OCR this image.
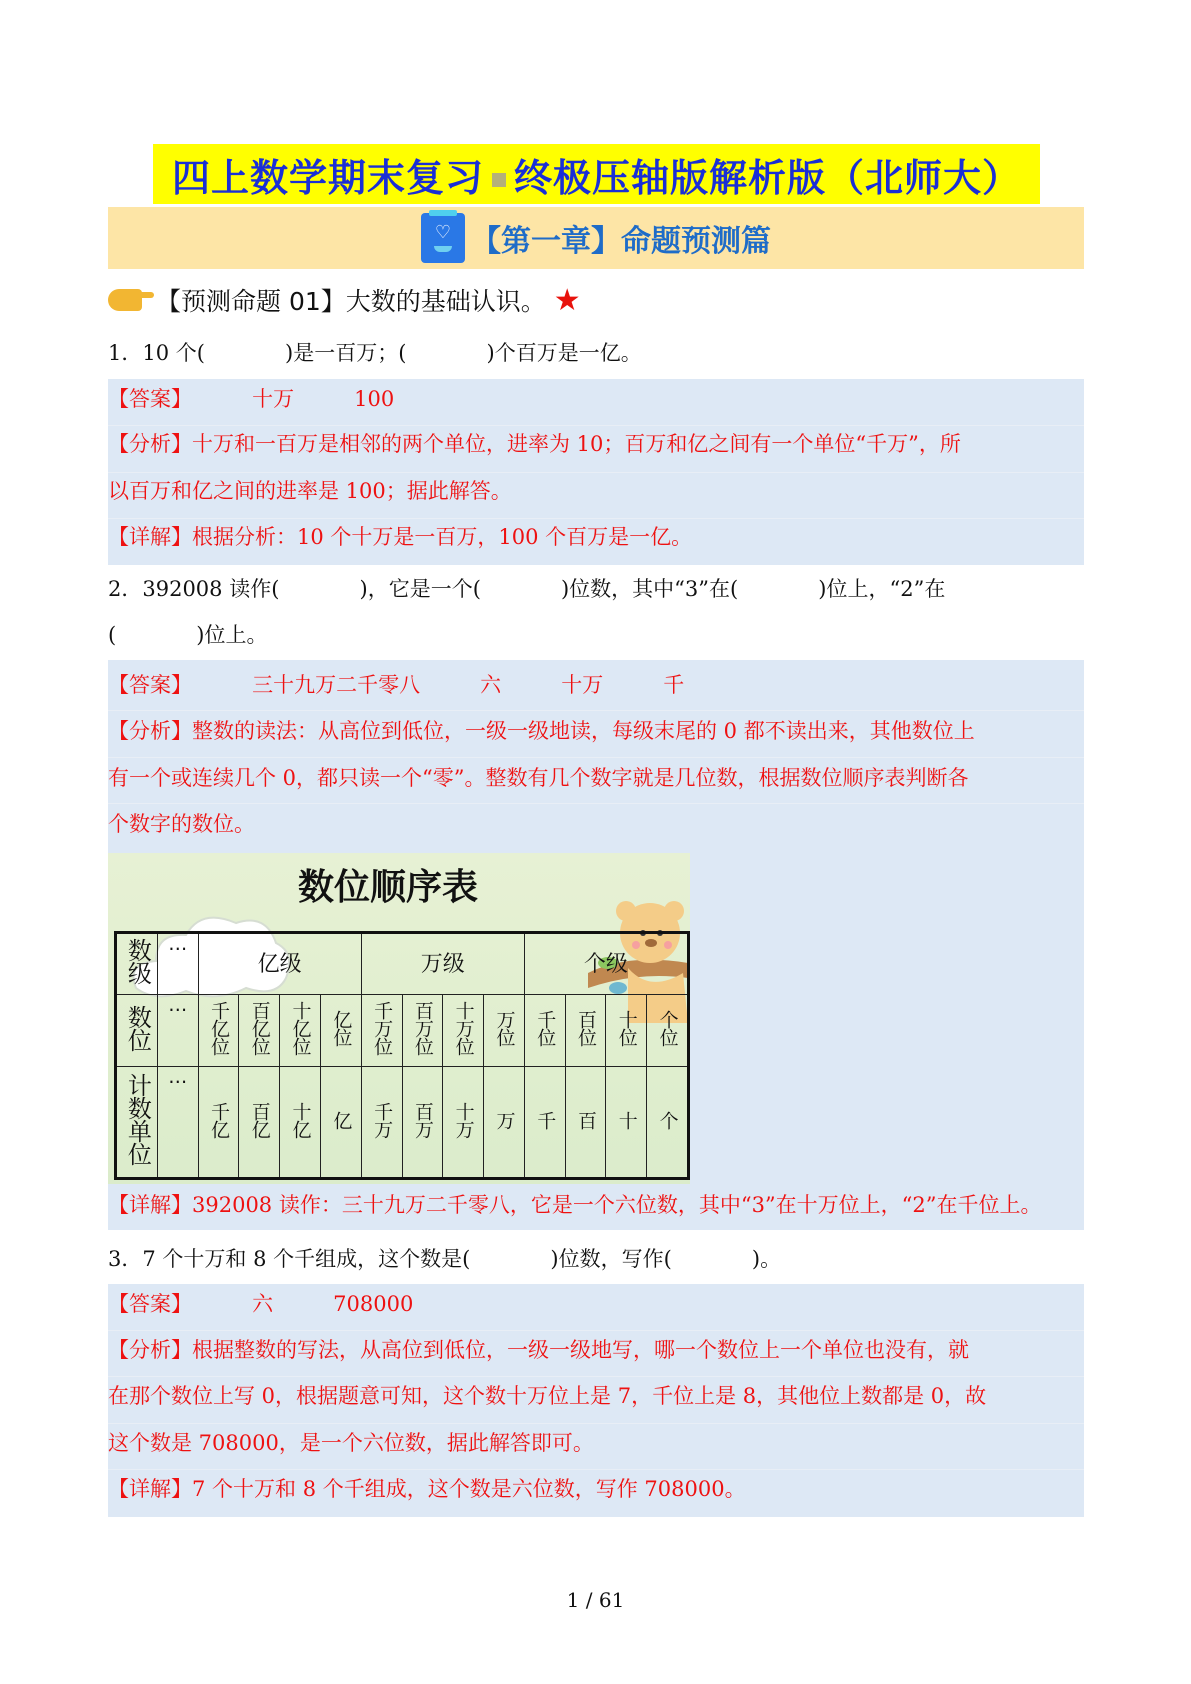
四上数学期末复习 终极压轴版解析版（北师大）
♡ 【第一章】命题预测篇
【预测命题 01】大数的基础认识。 ★
1．10 个(            )是一百万；(            )个百万是一亿。
【答案】         十万         100
【分析】十万和一百万是相邻的两个单位，进率为 10；百万和亿之间有一个单位“千万”，所
以百万和亿之间的进率是 100；据此解答。
【详解】根据分析：10 个十万是一百万，100 个百万是一亿。
2．392008 读作(            )，它是一个(            )位数，其中“3”在(            )位上，“2”在
(            )位上。
【答案】         三十九万二千零八         六         十万         千
【分析】整数的读法：从高位到低位，一级一级地读，每级末尾的 0 都不读出来，其他数位上
有一个或连续几个 0，都只读一个“零”。整数有几个数字就是几位数，根据数位顺序表判断各
个数字的数位。
【详解】392008 读作：三十九万二千零八，它是一个六位数，其中“3”在十万位上，“2”在千位上。
数位顺序表
数级	…	亿级				万级				个级			
数位	…	千亿位	百亿位	十亿位	亿位	千万位	百万位	十万位	万位	千位	百位	十位	个位
计数单位	…	千亿	百亿	十亿	亿	千万	百万	十万	万	千	百	十	个
3．7 个十万和 8 个千组成，这个数是(            )位数，写作(            )。
【答案】         六         708000
【分析】根据整数的写法，从高位到低位，一级一级地写，哪一个数位上一个单位也没有，就
在那个数位上写 0，根据题意可知，这个数十万位上是 7，千位上是 8，其他位上数都是 0，故
这个数是 708000，是一个六位数，据此解答即可。
【详解】7 个十万和 8 个千组成，这个数是六位数，写作 708000。
1 / 61
